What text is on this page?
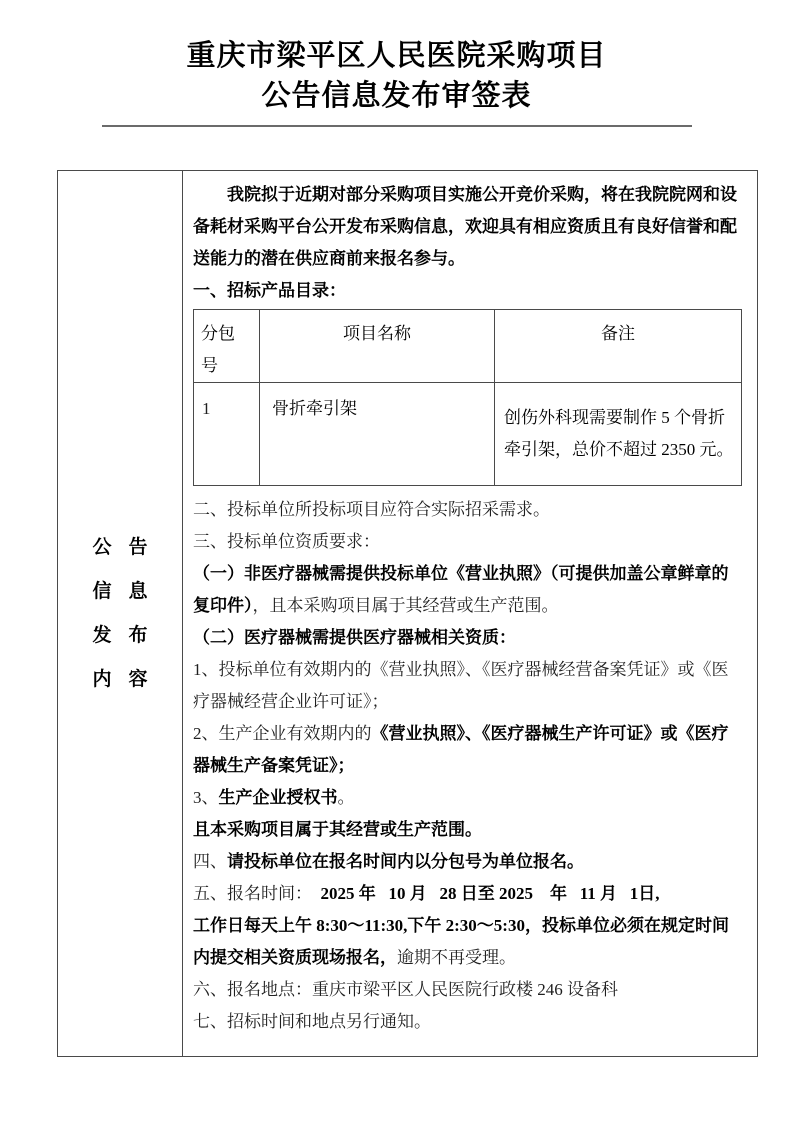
重庆市梁平区人民医院采购项目
公告信息发布审签表
公告
信息
发布
内容

我院拟于近期对部分采购项目实施公开竞价采购，将在我院院网和设备耗材采购平台公开发布采购信息，欢迎具有相应资质且有良好信誉和配送能力的潜在供应商前来报名参与。

一、招标产品目录：

分包号	项目名称	备注
1	骨折牵引架	创伤外科现需要制作 5 个骨折牵引架，总价不超过 2350 元。

二、投标单位所投标项目应符合实际招采需求。

三、投标单位资质要求：

（一）非医疗器械需提供投标单位《营业执照》（可提供加盖公章鲜章的复印件），且本采购项目属于其经营或生产范围。

（二）医疗器械需提供医疗器械相关资质：

1、投标单位有效期内的《营业执照》、《医疗器械经营备案凭证》或《医疗器械经营企业许可证》；

2、生产企业有效期内的《营业执照》、《医疗器械生产许可证》或《医疗器械生产备案凭证》；

3、生产企业授权书。

且本采购项目属于其经营或生产范围。

四、请投标单位在报名时间内以分包号为单位报名。

五、报名时间：  2025 年   10 月   28 日至 2025    年   11 月   1日,

工作日每天上午 8:30～11:30,下午 2:30～5:30，投标单位必须在规定时间内提交相关资质现场报名，逾期不再受理。

六、报名地点：重庆市梁平区人民医院行政楼 246 设备科

七、招标时间和地点另行通知。
